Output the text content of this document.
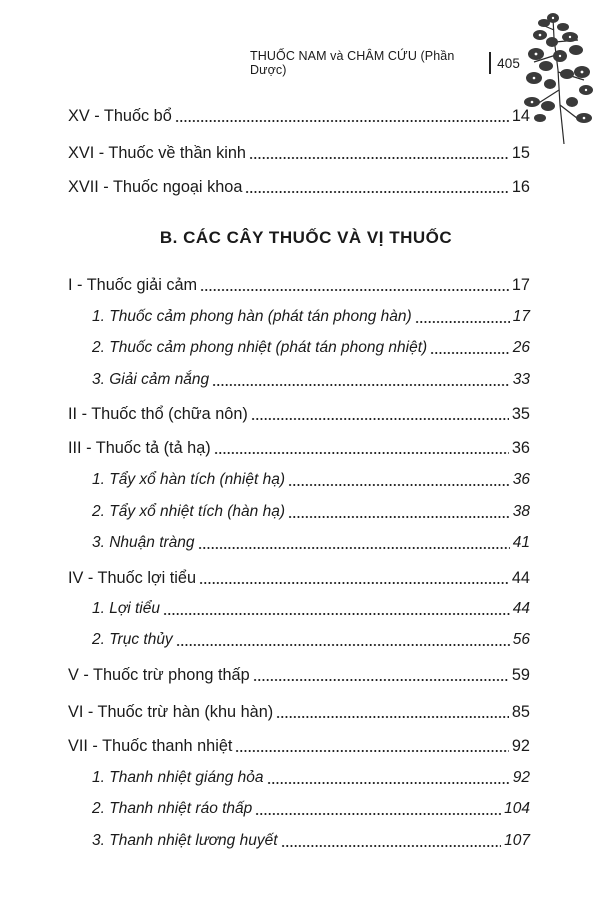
THUỐC NAM và CHÂM CỨU (Phần Dược)	405
XV - Thuốc bổ	14
XVI - Thuốc về thần kinh	15
XVII - Thuốc ngoại khoa	16
B. CÁC CÂY THUỐC VÀ VỊ THUỐC
I - Thuốc giải cảm	17
1. Thuốc cảm phong hàn (phát tán phong hàn)	17
2. Thuốc cảm phong nhiệt (phát tán phong nhiệt)	26
3. Giải cảm nắng	33
II - Thuốc thổ (chữa nôn)	35
III - Thuốc tả (tả hạ)	36
1. Tẩy xổ hàn tích (nhiệt hạ)	36
2. Tẩy xổ nhiệt tích (hàn hạ)	38
3. Nhuận tràng	41
IV - Thuốc lợi tiểu	44
1. Lợi tiểu	44
2. Trục thủy	56
V - Thuốc trừ phong thấp	59
VI - Thuốc trừ hàn (khu hàn)	85
VII - Thuốc thanh nhiệt	92
1. Thanh nhiệt giáng hỏa	92
2. Thanh nhiệt ráo thấp	104
3. Thanh nhiệt lương huyết	107
